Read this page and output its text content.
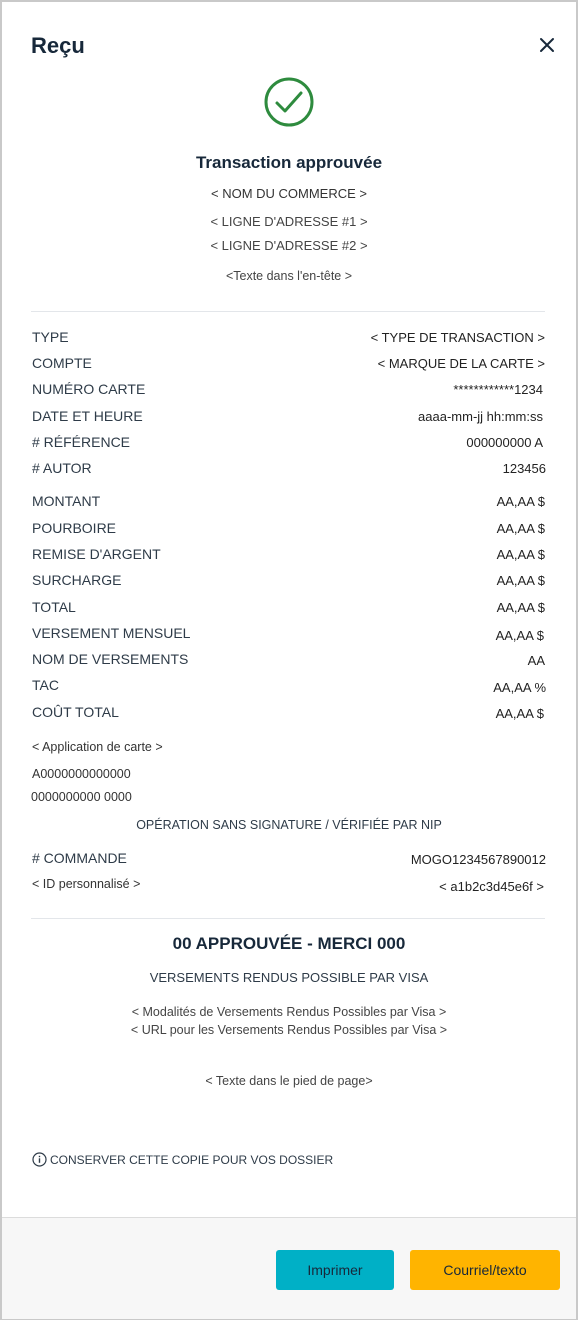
Reçu
Transaction approuvée
< NOM DU COMMERCE >
< LIGNE D'ADRESSE #1 >
< LIGNE D'ADRESSE #2 >
<Texte dans l'en-tête >
TYPE	< TYPE DE TRANSACTION >
COMPTE	< MARQUE DE LA CARTE >
NUMÉRO CARTE	************1234
DATE ET HEURE	aaaa-mm-jj hh:mm:ss
# RÉFÉRENCE	000000000 A
# AUTOR	123456
MONTANT	AA,AA $
POURBOIRE	AA,AA $
REMISE D'ARGENT	AA,AA $
SURCHARGE	AA,AA $
TOTAL	AA,AA $
VERSEMENT MENSUEL	AA,AA $
NOM DE VERSEMENTS	AA
TAC	AA,AA %
COÛT TOTAL	AA,AA $
< Application de carte >
A0000000000000
0000000000 0000
OPÉRATION SANS SIGNATURE / VÉRIFIÉE PAR NIP
# COMMANDE	MOGO1234567890012
< ID personnalisé >	< a1b2c3d45e6f >
00 APPROUVÉE - MERCI 000
VERSEMENTS RENDUS POSSIBLE PAR VISA
< Modalités de Versements Rendus Possibles par Visa >
< URL pour les Versements Rendus Possibles par Visa >
< Texte dans le pied de page>
CONSERVER CETTE COPIE POUR VOS DOSSIER
Imprimer	Courriel/texto
